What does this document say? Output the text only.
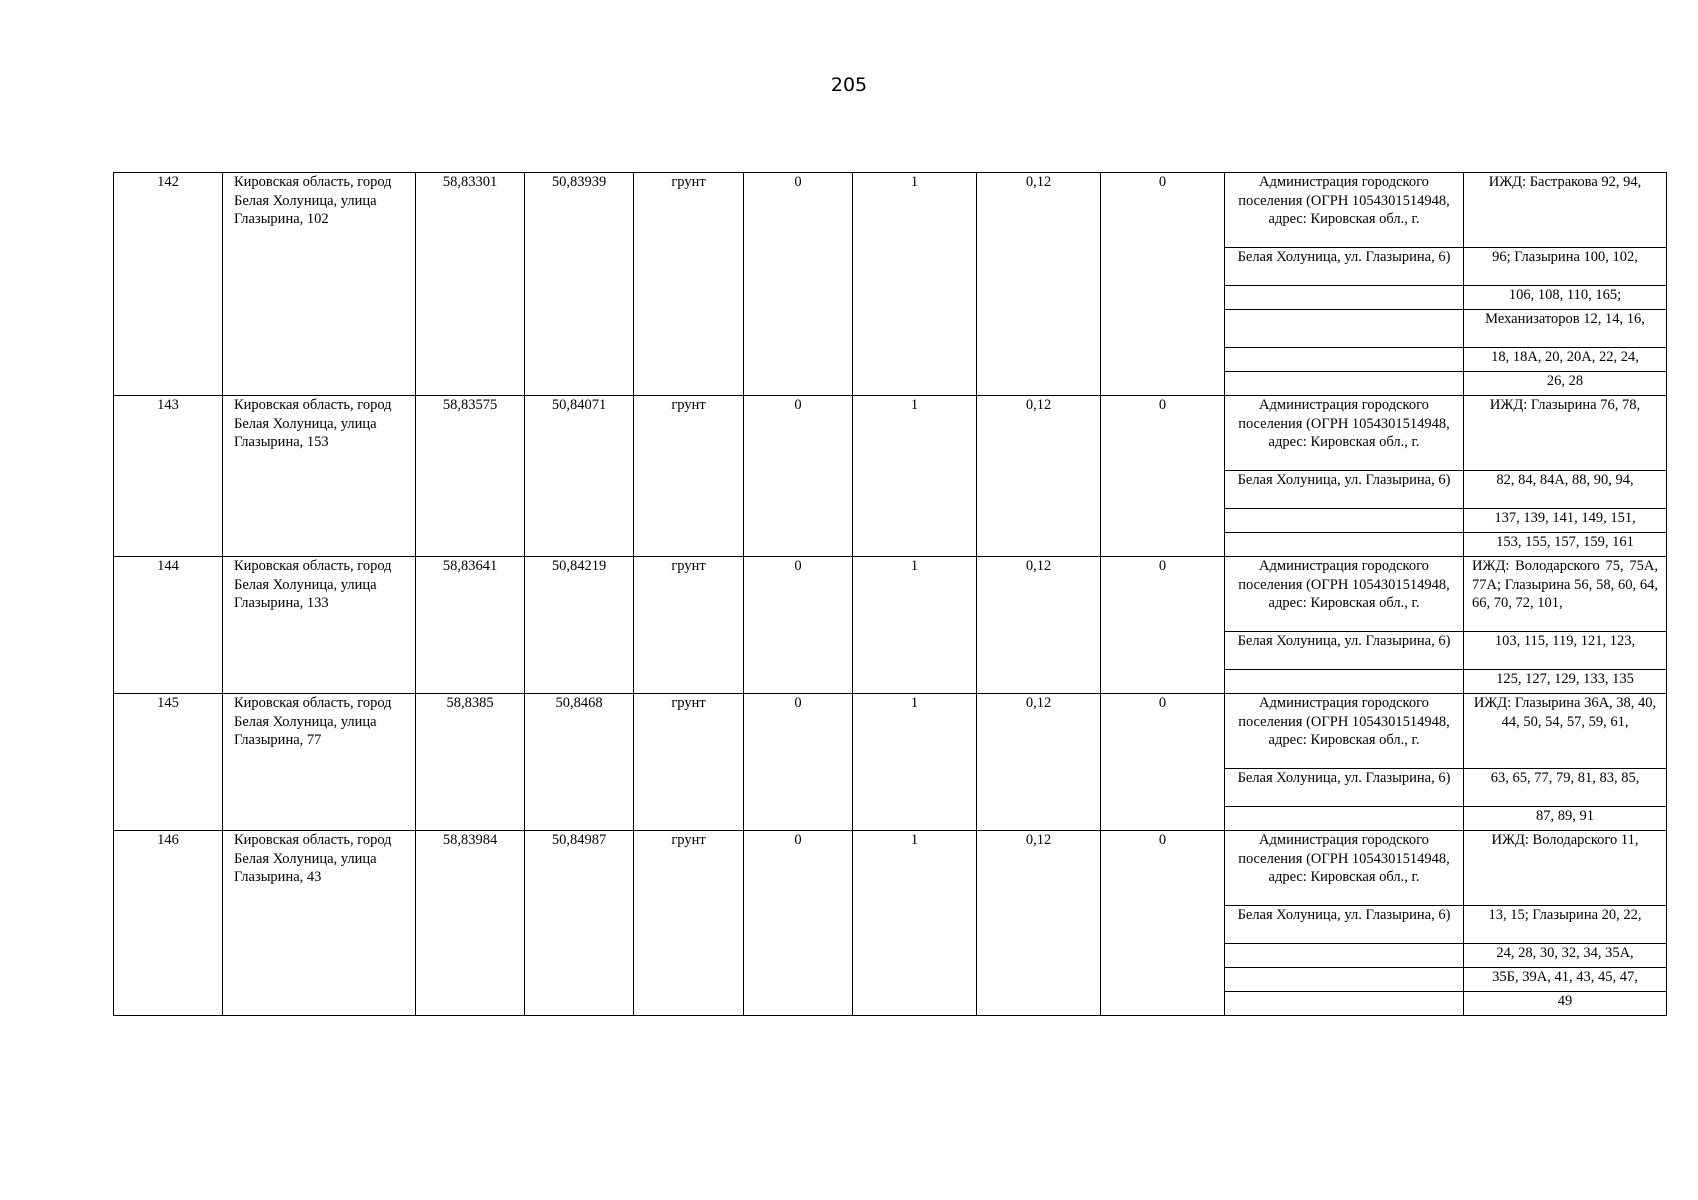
205
142	Кировская область, город Белая Холуница, улица Глазырина, 102	58,83301	50,83939	грунт	0	1	0,12	0	Администрация городского поселения (ОГРН 1054301514948, адрес: Кировская обл., г.	ИЖД: Бастракова 92, 94,
									Белая Холуница, ул. Глазырина, 6)	96; Глазырина 100, 102,
										106, 108, 110, 165;
										Механизаторов 12, 14, 16,
										18, 18А, 20, 20А, 22, 24,
										26, 28
143	Кировская область, город Белая Холуница, улица Глазырина, 153	58,83575	50,84071	грунт	0	1	0,12	0	Администрация городского поселения (ОГРН 1054301514948, адрес: Кировская обл., г.	ИЖД: Глазырина 76, 78,
									Белая Холуница, ул. Глазырина, 6)	82, 84, 84А, 88, 90, 94,
										137, 139, 141, 149, 151,
										153, 155, 157, 159, 161
144	Кировская область, город Белая Холуница, улица Глазырина, 133	58,83641	50,84219	грунт	0	1	0,12	0	Администрация городского поселения (ОГРН 1054301514948, адрес: Кировская обл., г.	ИЖД: Володарского 75, 75А, 77А; Глазырина 56, 58, 60, 64, 66, 70, 72, 101,
									Белая Холуница, ул. Глазырина, 6)	103, 115, 119, 121, 123,
										125, 127, 129, 133, 135
145	Кировская область, город Белая Холуница, улица Глазырина, 77	58,8385	50,8468	грунт	0	1	0,12	0	Администрация городского поселения (ОГРН 1054301514948, адрес: Кировская обл., г.	ИЖД: Глазырина 36А, 38, 40, 44, 50, 54, 57, 59, 61,
									Белая Холуница, ул. Глазырина, 6)	63, 65, 77, 79, 81, 83, 85,
										87, 89, 91
146	Кировская область, город Белая Холуница, улица Глазырина, 43	58,83984	50,84987	грунт	0	1	0,12	0	Администрация городского поселения (ОГРН 1054301514948, адрес: Кировская обл., г.	ИЖД: Володарского 11,
									Белая Холуница, ул. Глазырина, 6)	13, 15; Глазырина 20, 22,
										24, 28, 30, 32, 34, 35А,
										35Б, 39А, 41, 43, 45, 47,
										49
